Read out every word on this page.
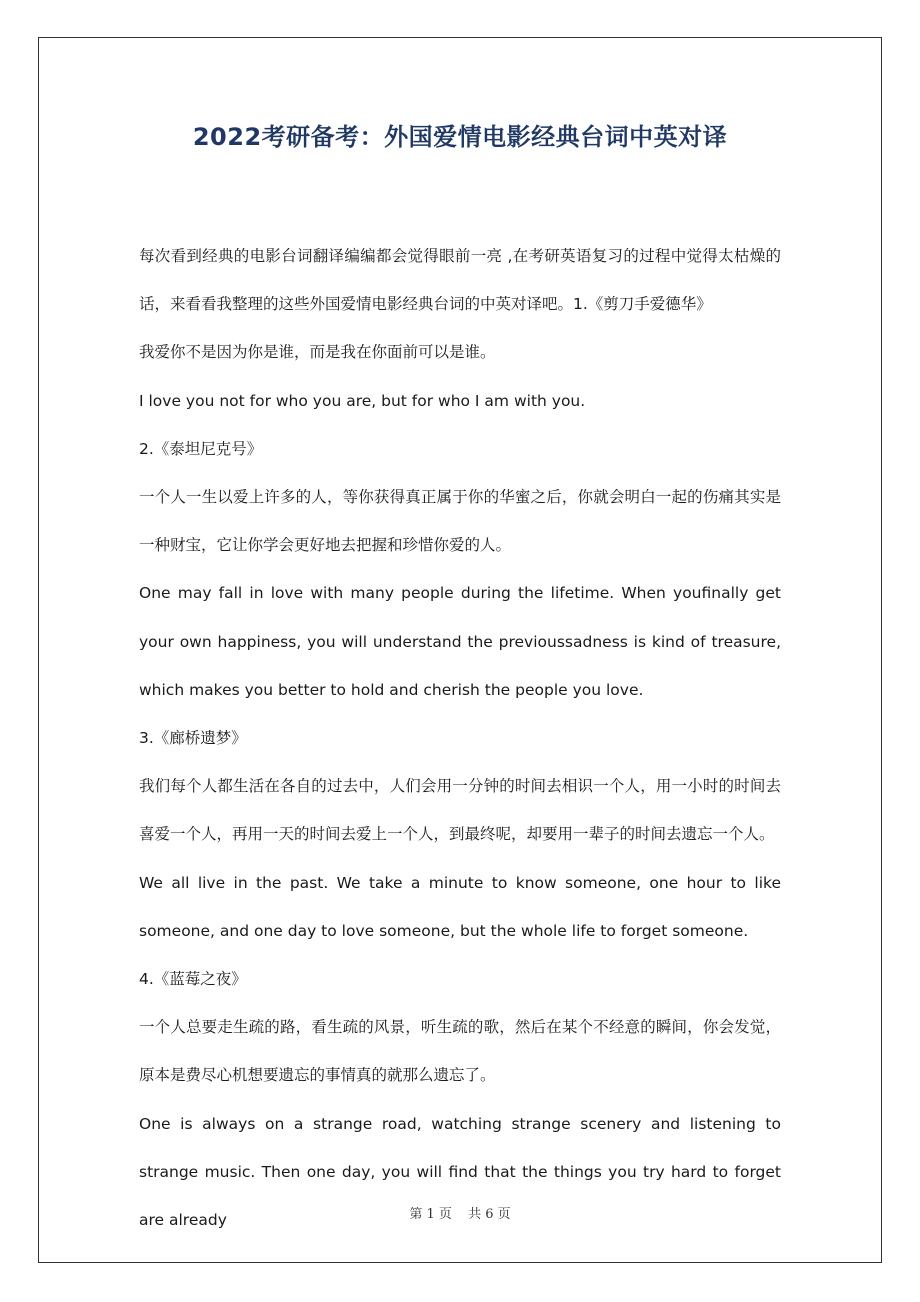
2022考研备考：外国爱情电影经典台词中英对译

每次看到经典的电影台词翻译编编都会觉得眼前一亮 ,在考研英语复习的过程中觉得太枯燥的话，来看看我整理的这些外国爱情电影经典台词的中英对译吧。1.《剪刀手爱德华》

我爱你不是因为你是谁，而是我在你面前可以是谁。

I love you not for who you are, but for who I am with you.

2.《泰坦尼克号》

一个人一生以爱上许多的人，等你获得真正属于你的华蜜之后，你就会明白一起的伤痛其实是一种财宝，它让你学会更好地去把握和珍惜你爱的人。

One may fall in love with many people during the lifetime. When youfinally get your own happiness, you will understand the previoussadness is kind of treasure, which makes you better to hold and cherish the people you love.

3.《廊桥遗梦》

我们每个人都生活在各自的过去中，人们会用一分钟的时间去相识一个人，用一小时的时间去喜爱一个人，再用一天的时间去爱上一个人，到最终呢，却要用一辈子的时间去遗忘一个人。

We all live in the past. We take a minute to know someone, one hour to like someone, and one day to love someone, but the whole life to forget someone.

4.《蓝莓之夜》

一个人总要走生疏的路，看生疏的风景，听生疏的歌，然后在某个不经意的瞬间，你会发觉，原本是费尽心机想要遗忘的事情真的就那么遗忘了。

One is always on a strange road, watching strange scenery and listening to strange music. Then one day, you will find that the things you try hard to forget are already	第 1 页 共 6 页
